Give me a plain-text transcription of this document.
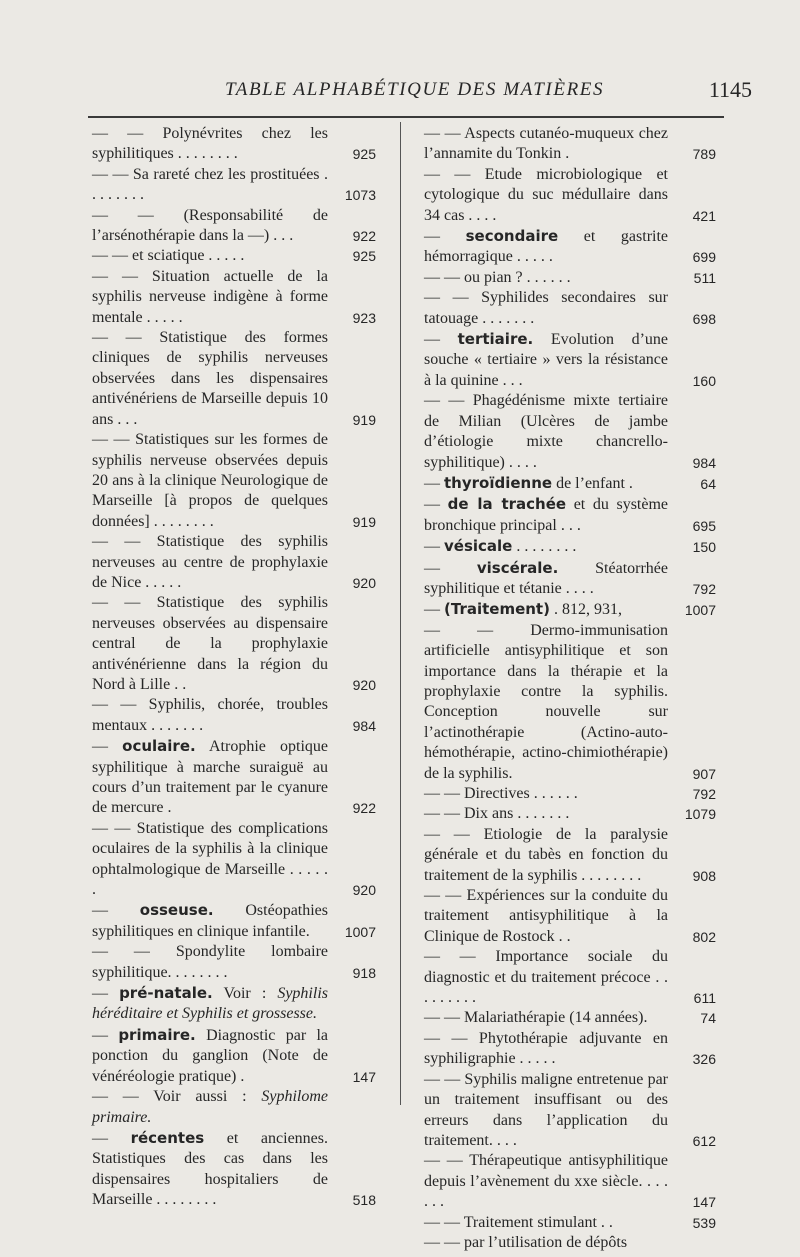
TABLE ALPHABÉTIQUE DES MATIÈRES	1145
— — Polynévrites chez les syphilitiques . . . . . . . .	925
— — Sa rareté chez les prostituées . . . . . . . .	1073
— — (Responsabilité de l’arsénothérapie dans la —) . . .	922
— — et sciatique . . . . .	925
— — Situation actuelle de la syphilis nerveuse indigène à forme mentale . . . . .	923
— — Statistique des formes cliniques de syphilis nerveuses observées dans les dispensaires antivénériens de Marseille depuis 10 ans . . .	919
— — Statistiques sur les formes de syphilis nerveuse observées depuis 20 ans à la clinique Neurologique de Marseille [à propos de quelques données] . . . . . . . .	919
— — Statistique des syphilis nerveuses au centre de prophylaxie de Nice . . . . .	920
— — Statistique des syphilis nerveuses observées au dispensaire central de la prophylaxie antivénérienne dans la région du Nord à Lille . .	920
— — Syphilis, chorée, troubles mentaux . . . . . . .	984
— oculaire. Atrophie optique syphilitique à marche suraiguë au cours d’un traitement par le cyanure de mercure .	922
— — Statistique des complications oculaires de la syphilis à la clinique ophtalmologique de Marseille . . . . . .	920
— osseuse. Ostéopathies syphilitiques en clinique infantile.	1007
— — Spondylite lombaire syphilitique. . . . . . . .	918
— pré-natale. Voir : Syphilis héréditaire et Syphilis et grossesse.
— primaire. Diagnostic par la ponction du ganglion (Note de vénéréologie pratique) .	147
— — Voir aussi : Syphilome primaire.
— récentes et anciennes. Statistiques des cas dans les dispensaires hospitaliers de Marseille . . . . . . . .	518
— — Aspects cutanéo-muqueux chez l’annamite du Tonkin .	789
— — Etude microbiologique et cytologique du suc médullaire dans 34 cas . . . .	421
— secondaire et gastrite hémorragique . . . . .	699
— — ou pian ? . . . . . .	511
— — Syphilides secondaires sur tatouage . . . . . . .	698
— tertiaire. Evolution d’une souche « tertiaire » vers la résistance à la quinine . . .	160
— — Phagédénisme mixte tertiaire de Milian (Ulcères de jambe d’étiologie mixte chancrello-syphilitique) . . . .	984
— thyroïdienne de l’enfant .	64
— de la trachée et du système bronchique principal . . .	695
— vésicale . . . . . . . .	150
— viscérale. Stéatorrhée syphilitique et tétanie . . . .	792
— (Traitement) . 812, 931,	1007
— — Dermo-immunisation artificielle antisyphilitique et son importance dans la thérapie et la prophylaxie contre la syphilis. Conception nouvelle sur l’actinothérapie (Actino-auto-hémothérapie, actino-chimiothérapie) de la syphilis.	907
— — Directives . . . . . .	792
— — Dix ans . . . . . . .	1079
— — Etiologie de la paralysie générale et du tabès en fonction du traitement de la syphilis . . . . . . . .	908
— — Expériences sur la conduite du traitement antisyphilitique à la Clinique de Rostock . .	802
— — Importance sociale du diagnostic et du traitement précoce . . . . . . . . .	611
— — Malariathérapie (14 années).	74
— — Phytothérapie adjuvante en syphiligraphie . . . . .	326
— — Syphilis maligne entretenue par un traitement insuffisant ou des erreurs dans l’application du traitement. . . .	612
— — Thérapeutique antisyphilitique depuis l’avènement du xxe siècle. . . . . . .	147
— — Traitement stimulant . .	539
— — par l’utilisation de dépôts
